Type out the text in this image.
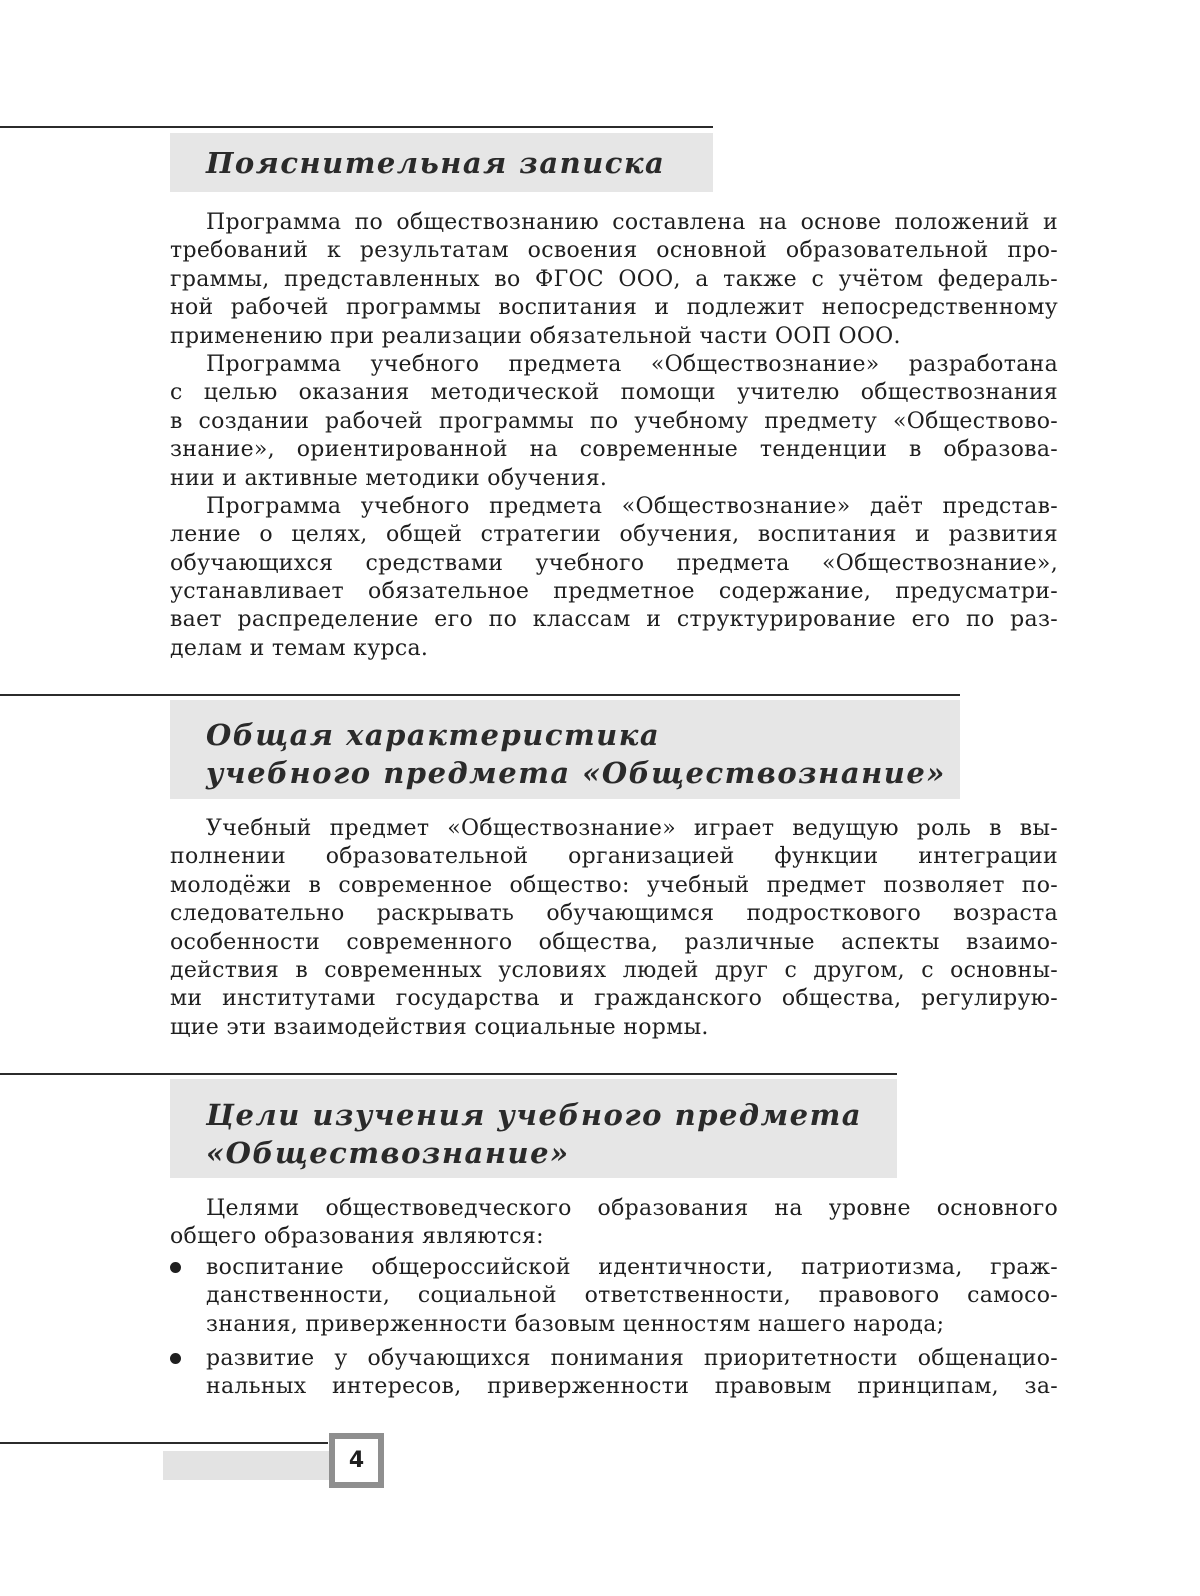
Пояснительная записка
Программа по обществознанию составлена на основе положений и
требований к результатам освоения основной образовательной про-
граммы, представленных во ФГОС ООО, а также с учётом федераль-
ной рабочей программы воспитания и подлежит непосредственному
применению при реализации обязательной части ООП ООО.
Программа учебного предмета «Обществознание» разработана
с целью оказания методической помощи учителю обществознания
в создании рабочей программы по учебному предмету «Обществово-
знание», ориентированной на современные тенденции в образова-
нии и активные методики обучения.
Программа учебного предмета «Обществознание» даёт представ-
ление о целях, общей стратегии обучения, воспитания и развития
обучающихся средствами учебного предмета «Обществознание»,
устанавливает обязательное предметное содержание, предусматри-
вает распределение его по классам и структурирование его по раз-
делам и темам курса.
Общая характеристика
учебного предмета «Обществознание»
Учебный предмет «Обществознание» играет ведущую роль в вы-
полнении образовательной организацией функции интеграции
молодёжи в современное общество: учебный предмет позволяет по-
следовательно раскрывать обучающимся подросткового возраста
особенности современного общества, различные аспекты взаимо-
действия в современных условиях людей друг с другом, с основны-
ми институтами государства и гражданского общества, регулирую-
щие эти взаимодействия социальные нормы.
Цели изучения учебного предмета
«Обществознание»
Целями обществоведческого образования на уровне основного
общего образования являются:
воспитание общероссийской идентичности, патриотизма, граж-
данственности, социальной ответственности, правового самосо-
знания, приверженности базовым ценностям нашего народа;
развитие у обучающихся понимания приоритетности общенацио-
нальных интересов, приверженности правовым принципам, за-
4
